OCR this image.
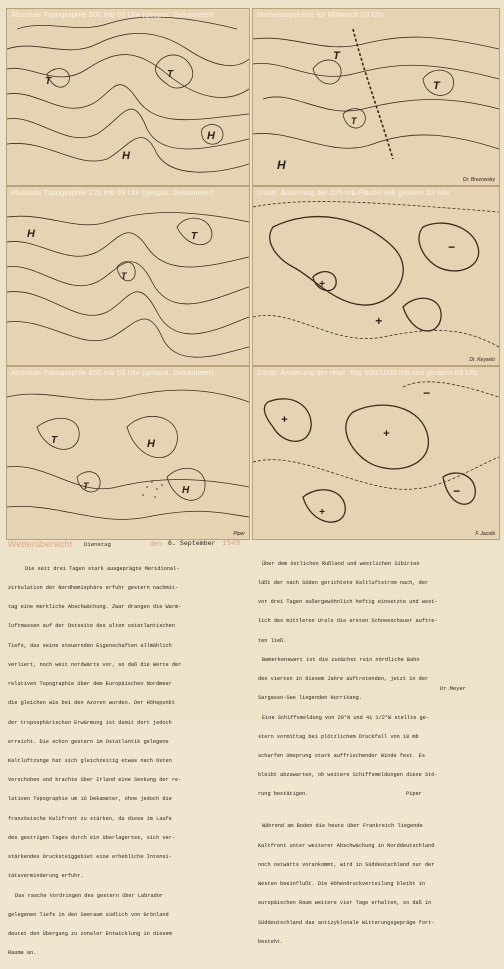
T
T
H
H
Absolute Topographie 500 mb 03 Uhr (geopot. Dekameter)
T
T
H
T
Vorhersagekarte für Mittwoch 03 Uhr
Dr. Brezowsky
H	T
T
Absolute Topographie 225 mb 03 Uhr (geopot. Dekameter)
+
+
−
24std. Änderung der 225 mb Fläche seit gestern 03 Uhr
Dr. Keyselo
T	H
T	H
Absolute Topographie 850 mb 03 Uhr (geopot. Dekameter)
Piper
+
+
+
−
−
24std. Änderung der relat. Top 500/1000 mb seit gestern 03 Uhr
F. Jacobi
Wetterübersicht Dienstag	den 6. September 1949

Die seit drei Tagen stark ausgeprägte Meridional-

zirkulation der Nordhemisphäre erfuhr gestern nachmit-

tag eine merkliche Abschwächung. Zwar drangen die Warm-

luftmassen auf der Ostseite des alten ostatlantischen

Tiefs, das seine steuernden Eigenschaften allmählich

verliert, noch weit nordwärts vor, so daß die Werte der

relativen Topographie über dem Europäischen Nordmeer

die gleichen wie bei den Azoren wurden. Der Höhepunkt

der troposphärischen Erwärmung ist damit dort jedoch

erreicht. Die schon gestern im Ostatlantik gelegene

Kaltluftzunge hat sich gleichzeitig etwas nach Osten

verschoben und brachte über Irland eine Senkung der re-

lativen Topographie um 16 Dekameter, ohne jedoch die

französische Kaltfront zu stärken, da diese im Laufe

des gestrigen Tages durch ein überlagertes, sich ver-

stärkendes Drucksteiggebiet eine erhebliche Intensi-

tätsverminderung erfuhr.

Das rasche Vordringen des gestern über Labrador

gelegenen Tiefs in den Seeraum südlich von Grönland

deutet den Übergang zu zonaler Entwicklung in diesem

Raume an.

Über dem östlichen Rußland und westlichen Sibirien

läßt der nach Süden gerichtete Kaltluftstrom nach, der

vor drei Tagen außergewöhnlich heftig einsetzte und west-

lich des mittleren Urals die ersten Schneeschauer auftre-

ten ließ.

Bemerkenswert ist die zunächst rein nördliche Bahn

des vierten in diesem Jahre auftretenden, jetzt in der

Sargasso-See liegenden Hurrikang.

Eine Schiffsmeldung von 29°N und 41 1/2°W stellte ge-

stern vormittag bei plötzlichem Druckfall von 10 mb

scharfen Umsprung stark auffrischender Winde fest. Es

bleibt abzuwarten, ob weitere Schiffsmeldungen diese Stö-

rung bestätigen.                               Piper

Während am Boden die heute über Frankreich liegende

Kaltfront unter weiterer Abschwächung in Norddeutschland

noch ostwärts vorankommt, wird in Süddeutschland nur der

Westen beeinflußt. Die Höhendruckverteilung bleibt in

europäischen Raum weitere vier Tage erhalten, so daß in

Süddeutschland das antizyklonale Witterungsgepräge fort-

besteht.

Dr.Meyer
